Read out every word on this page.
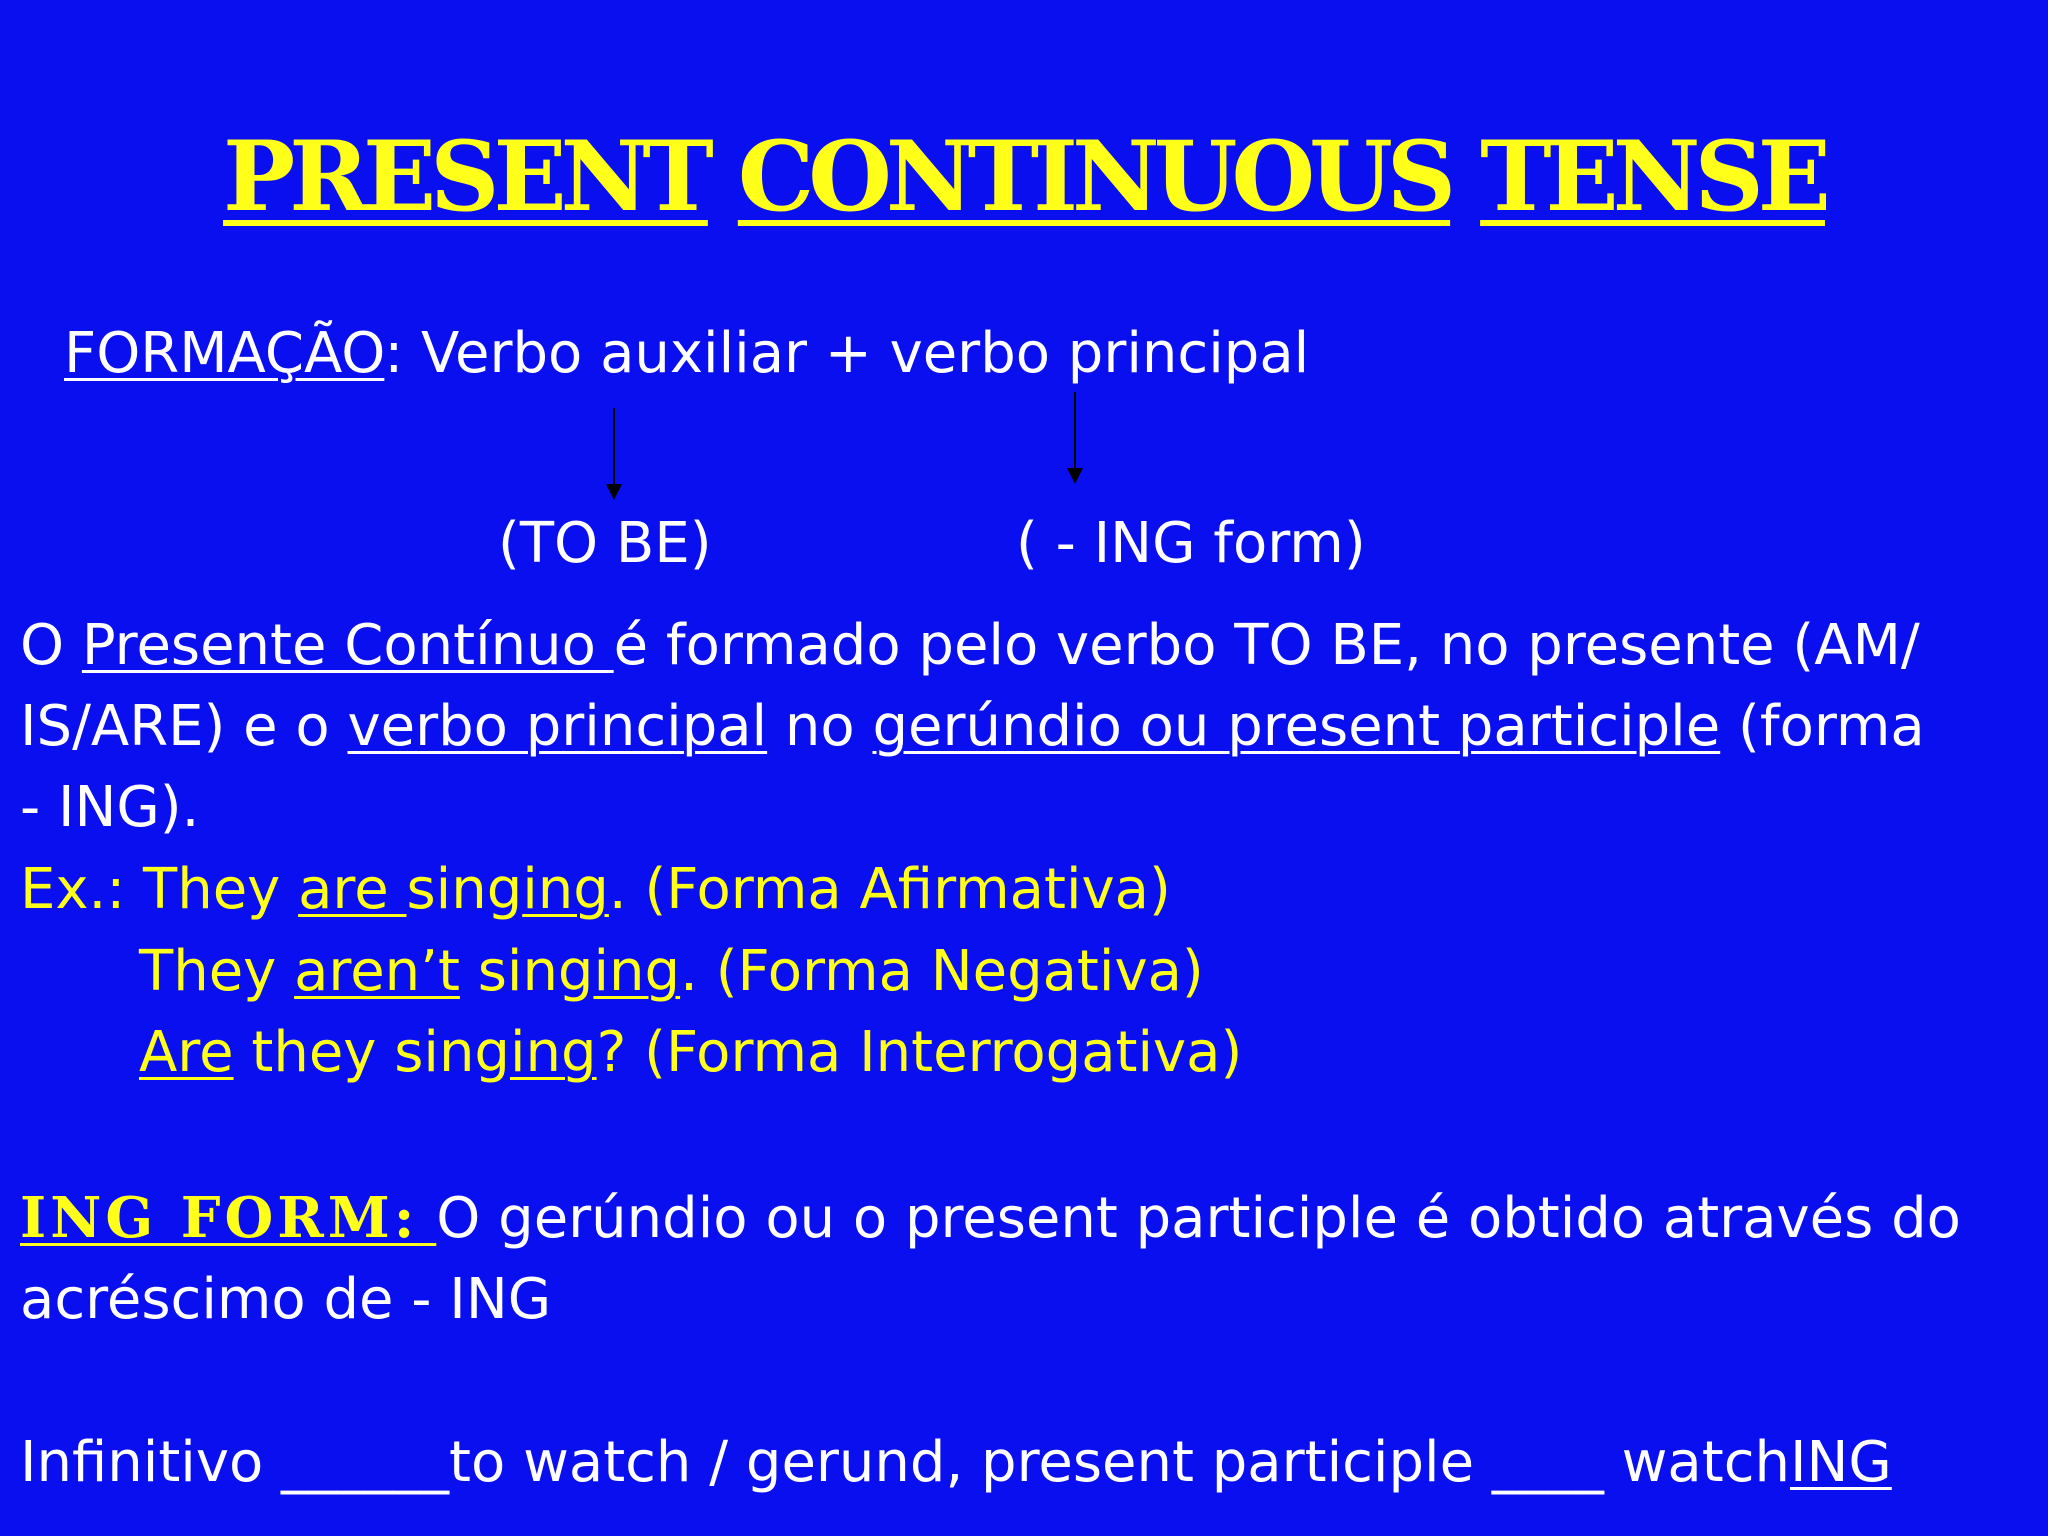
PRESENT CONTINUOUS TENSE
FORMAÇÃO: Verbo auxiliar + verbo principal
(TO BE)	( - ING form)
O Presente Contínuo é formado pelo verbo TO BE, no presente (AM/
IS/ARE) e o verbo principal no gerúndio ou present participle (forma
- ING).
Ex.: They are singing. (Forma Afirmativa)
They aren’t singing. (Forma Negativa)
Are they singing? (Forma Interrogativa)
ING FORM: O gerúndio ou o present participle é obtido através do
acréscimo de - ING
Infinitivo ______to watch / gerund, present participle ____ watchING
